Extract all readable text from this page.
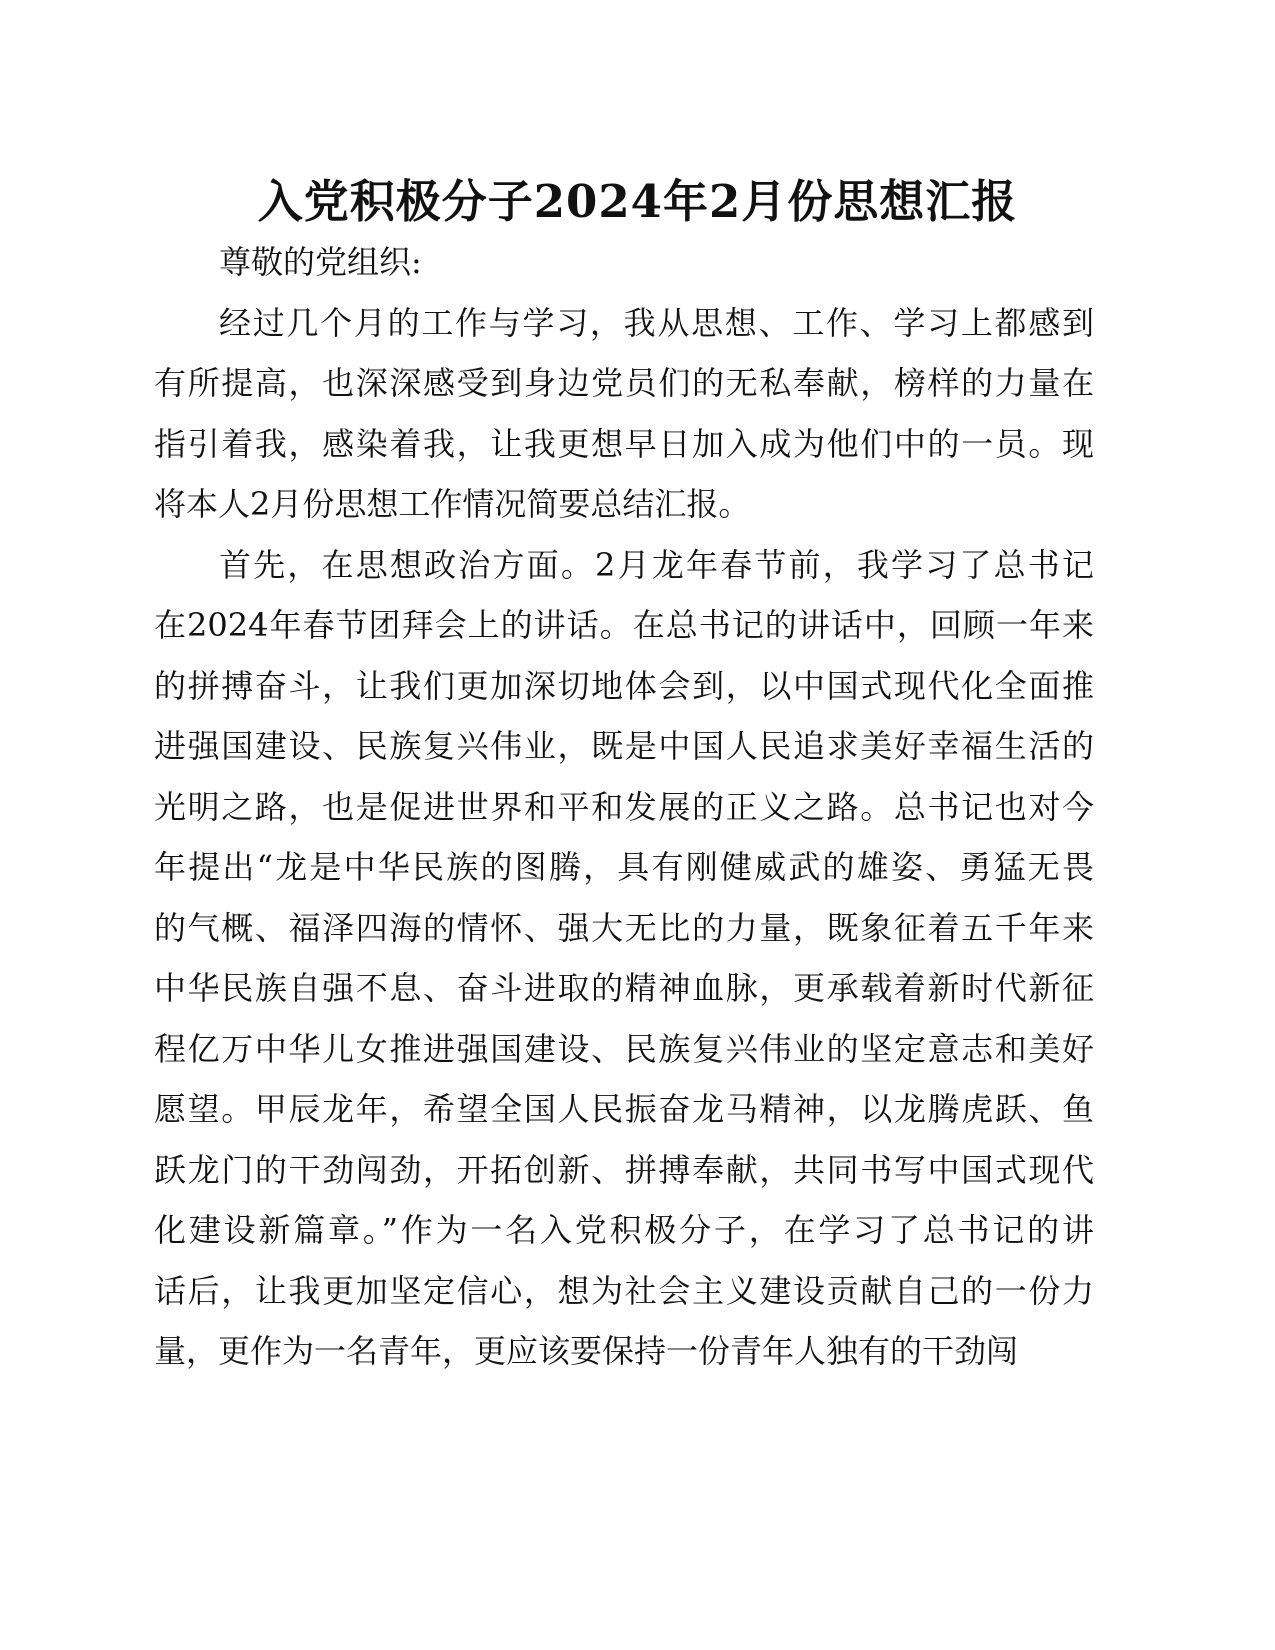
入党积极分子2024年2月份思想汇报
尊敬的党组织:
经过几个月的工作与学习，我从思想、工作、学习上都感到
有所提高，也深深感受到身边党员们的无私奉献，榜样的力量在
指引着我，感染着我，让我更想早日加入成为他们中的一员。现
将本人2月份思想工作情况简要总结汇报。
首先，在思想政治方面。2月龙年春节前，我学习了总书记
在2024年春节团拜会上的讲话。在总书记的讲话中，回顾一年来
的拼搏奋斗，让我们更加深切地体会到，以中国式现代化全面推
进强国建设、民族复兴伟业，既是中国人民追求美好幸福生活的
光明之路，也是促进世界和平和发展的正义之路。总书记也对今
年提出“龙是中华民族的图腾，具有刚健威武的雄姿、勇猛无畏
的气概、福泽四海的情怀、强大无比的力量，既象征着五千年来
中华民族自强不息、奋斗进取的精神血脉，更承载着新时代新征
程亿万中华儿女推进强国建设、民族复兴伟业的坚定意志和美好
愿望。甲辰龙年，希望全国人民振奋龙马精神，以龙腾虎跃、鱼
跃龙门的干劲闯劲，开拓创新、拼搏奉献，共同书写中国式现代
化建设新篇章。”作为一名入党积极分子，在学习了总书记的讲
话后，让我更加坚定信心，想为社会主义建设贡献自己的一份力
量，更作为一名青年，更应该要保持一份青年人独有的干劲闯
